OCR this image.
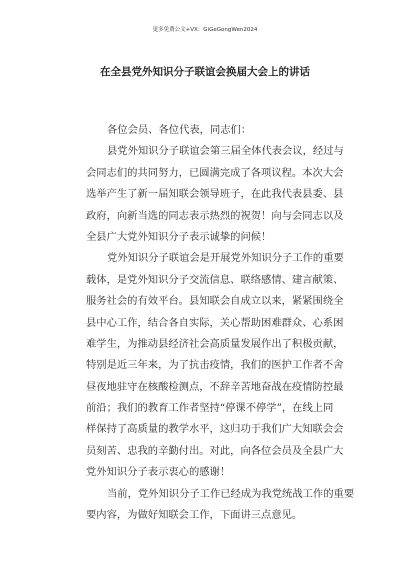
更多免费公文+VX：GiGeGongWen2024
在全县党外知识分子联谊会换届大会上的讲话
各位会员、各位代表，同志们：
县党外知识分子联谊会第三届全体代表会议，经过与
会同志们的共同努力，已圆满完成了各项议程。本次大会
选举产生了新一届知联会领导班子，在此我代表县委、县
政府，向新当选的同志表示热烈的祝贺！向与会同志以及
全县广大党外知识分子表示诚挚的问候！
党外知识分子联谊会是开展党外知识分子工作的重要
载体，是党外知识分子交流信息、联络感情、建言献策、
服务社会的有效平台。县知联会自成立以来，紧紧围绕全
县中心工作，结合各自实际，关心帮助困难群众、心系困
难学生，为推动县经济社会高质量发展作出了积极贡献，
特别是近三年来，为了抗击疫情，我们的医护工作者不舍
昼夜地驻守在核酸检测点，不辞辛苦地奋战在疫情防控最
前沿；我们的教育工作者坚持“停课不停学”，在线上同
样保持了高质量的教学水平，这归功于我们广大知联会会
员刻苦、忠我的辛勤付出。对此，向各位会员及全县广大
党外知识分子表示衷心的感谢！
当前，党外知识分子工作已经成为我党统战工作的重要
要内容，为做好知联会工作，下面讲三点意见。
